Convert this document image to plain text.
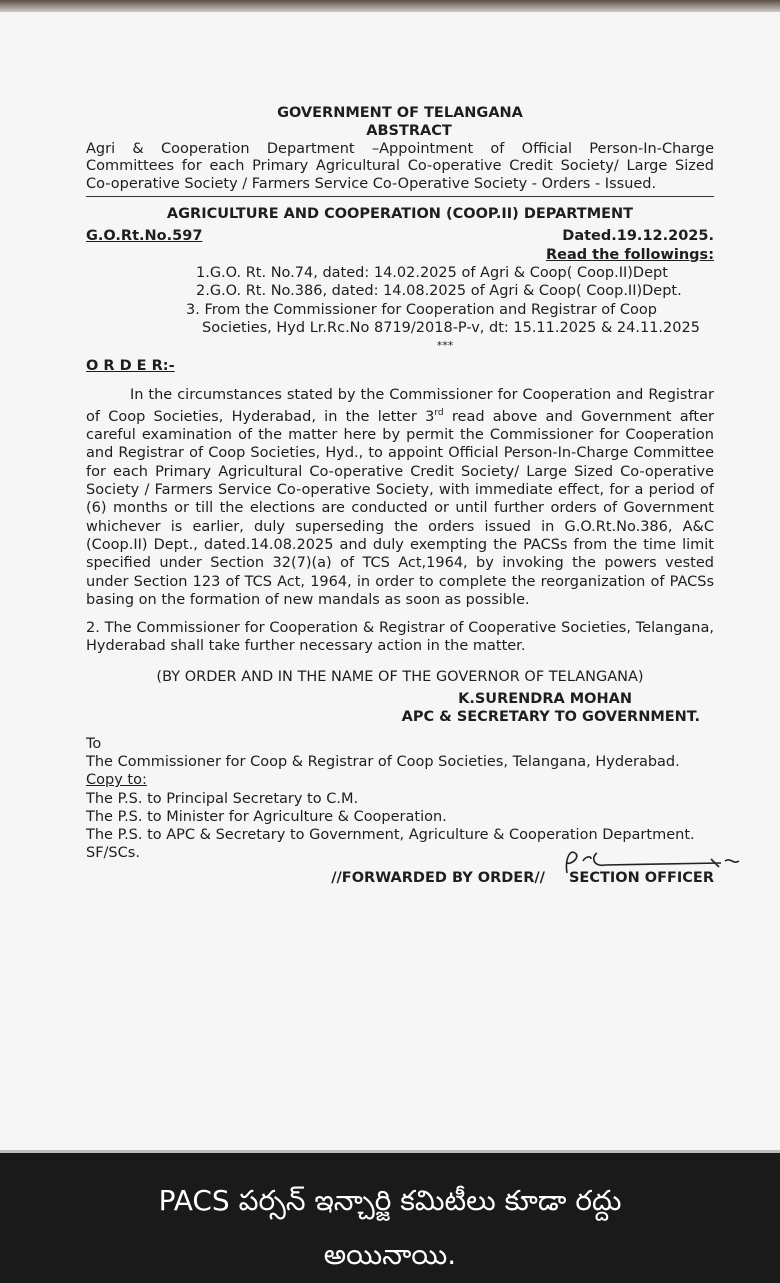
GOVERNMENT OF TELANGANA
ABSTRACT
Agri & Cooperation Department –Appointment of Official Person-In-Charge Committees for each Primary Agricultural Co-operative Credit Society/ Large Sized Co-operative Society / Farmers Service Co-Operative Society - Orders - Issued.
AGRICULTURE AND COOPERATION (COOP.II) DEPARTMENT
G.O.Rt.No.597	Dated.19.12.2025.
Read the followings:
1.G.O. Rt. No.74, dated: 14.02.2025 of Agri & Coop( Coop.II)Dept
2.G.O. Rt. No.386, dated: 14.08.2025 of Agri & Coop( Coop.II)Dept.
3. From the Commissioner for Cooperation and Registrar of Coop Societies, Hyd Lr.Rc.No 8719/2018-P-v, dt: 15.11.2025 & 24.11.2025
***
O R D E R:-
In the circumstances stated by the Commissioner for Cooperation and Registrar of Coop Societies, Hyderabad, in the letter 3rd read above and Government after careful examination of the matter here by permit the Commissioner for Cooperation and Registrar of Coop Societies, Hyd., to appoint Official Person-In-Charge Committee for each Primary Agricultural Co-operative Credit Society/ Large Sized Co-operative Society / Farmers Service Co-operative Society, with immediate effect, for a period of (6) months or till the elections are conducted or until further orders of Government whichever is earlier, duly superseding the orders issued in G.O.Rt.No.386, A&C (Coop.II) Dept., dated.14.08.2025 and duly exempting the PACSs from the time limit specified under Section 32(7)(a) of TCS Act,1964, by invoking the powers vested under Section 123 of TCS Act, 1964, in order to complete the reorganization of PACSs basing on the formation of new mandals as soon as possible.
2. The Commissioner for Cooperation & Registrar of Cooperative Societies, Telangana, Hyderabad shall take further necessary action in the matter.
(BY ORDER AND IN THE NAME OF THE GOVERNOR OF TELANGANA)
K.SURENDRA MOHAN
APC & SECRETARY TO GOVERNMENT.
To
The Commissioner for Coop & Registrar of Coop Societies, Telangana, Hyderabad.
Copy to:
The P.S. to Principal Secretary to C.M.
The P.S. to Minister for Agriculture & Cooperation.
The P.S. to APC & Secretary to Government, Agriculture & Cooperation Department.
SF/SCs.
//FORWARDED BY ORDER// SECTION OFFICER
PACS పర్సన్ ఇన్చార్జి కమిటీలు కూడా రద్దు
అయినాయి.
